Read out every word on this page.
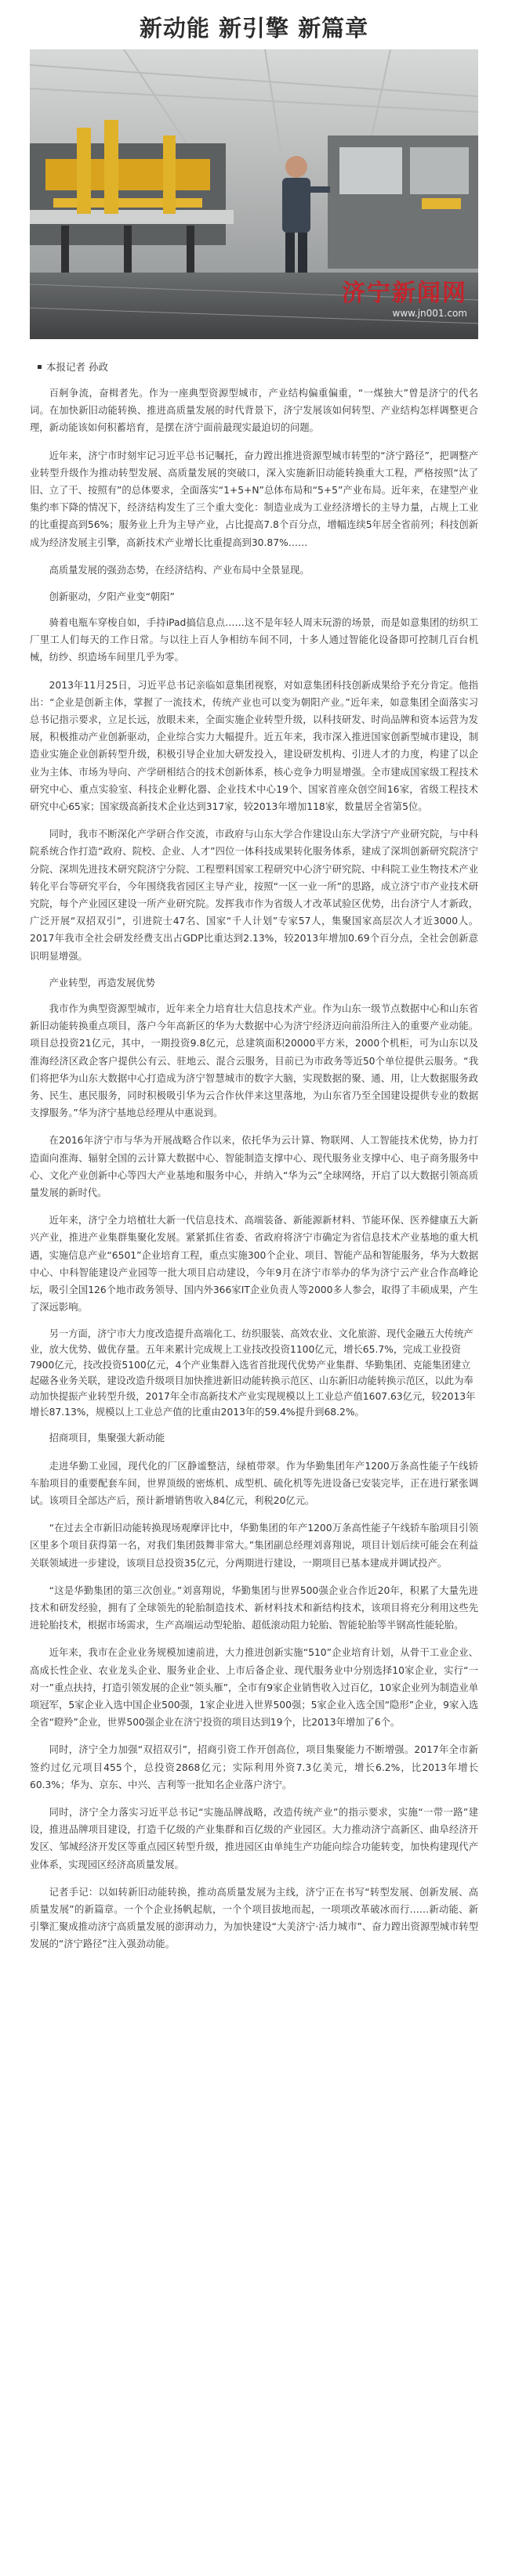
新动能 新引擎 新篇章
济宁新闻网
www.jn001.com
本报记者 孙政

百舸争流，奋楫者先。作为一座典型资源型城市，产业结构偏重偏重，“一煤独大”曾是济宁的代名词。在加快新旧动能转换、推进高质量发展的时代背景下，济宁发展该如何转型、产业结构怎样调整更合理，新动能该如何积蓄培育，是摆在济宁面前最现实最迫切的问题。

近年来，济宁市时刻牢记习近平总书记嘱托，奋力蹚出推进资源型城市转型的“济宁路径”，把调整产业转型升级作为推动转型发展、高质量发展的突破口，深入实施新旧动能转换重大工程，严格按照“汰了旧、立了干、按照有”的总体要求，全面落实“1+5+N”总体布局和“5+5”产业布局。近年来，在建型产业集约率下降的情况下，经济结构发生了三个重大变化：制造业成为工业经济增长的主导力量，占规上工业的比重提高到56%；服务业上升为主导产业，占比提高7.8个百分点，增幅连续5年居全省前列；科技创新成为经济发展主引擎，高新技术产业增长比重提高到30.87%……

高质量发展的强劲态势，在经济结构、产业布局中全景显现。

创新驱动，夕阳产业变“朝阳”

骑着电瓶车穿梭自如，手持iPad搞信息点……这不是年轻人周末玩游的场景，而是如意集团的纺织工厂里工人们每天的工作日常。与以往上百人争相纺车间不同，十多人通过智能化设备即可控制几百台机械，纺纱、织造场车间里几乎为零。

2013年11月25日，习近平总书记亲临如意集团视察，对如意集团科技创新成果给予充分肯定。他指出：“企业是创新主体，掌握了一流技术，传统产业也可以变为朝阳产业。”近年来，如意集团全面落实习总书记指示要求，立足长远，放眼未来，全面实施企业转型升级，以科技研发、时尚品牌和资本运营为发展，积极推动产业创新驱动，企业综合实力大幅提升。近五年来，我市深入推进国家创新型城市建设，制造业实施企业创新转型升级，积极引导企业加大研发投入，建设研发机构、引进人才的力度，构建了以企业为主体、市场为导向、产学研相结合的技术创新体系，核心竞争力明显增强。全市建成国家级工程技术研究中心、重点实验室、科技企业孵化器、企业技术中心19个、国家首座众创空间16家，省级工程技术研究中心65家；国家级高新技术企业达到317家，较2013年增加118家，数量居全省第5位。

同时，我市不断深化产学研合作交流，市政府与山东大学合作建设山东大学济宁产业研究院，与中科院系统合作打造“政府、院校、企业、人才”四位一体科技成果转化服务体系，建成了深圳创新研究院济宁分院、深圳先进技术研究院济宁分院、工程塑料国家工程研究中心济宁研究院、中科院工业生物技术产业转化平台等研究平台，今年围绕我省园区主导产业，按照“一区一业一所”的思路，成立济宁市产业技术研究院，每个产业园区建设一所产业研究院。发挥我市作为省级人才改革试验区优势，出台济宁人才新政，广泛开展“双招双引”，引进院士47名、国家“千人计划”专家57人，集聚国家高层次人才近3000人。2017年我市全社会研发经费支出占GDP比重达到2.13%，较2013年增加0.69个百分点，全社会创新意识明显增强。

产业转型，再造发展优势

我市作为典型资源型城市，近年来全力培育壮大信息技术产业。作为山东一级节点数据中心和山东省新旧动能转换重点项目，落户今年高新区的华为大数据中心为济宁经济迈向前沿所注入的重要产业动能。项目总投资21亿元，其中，一期投资9.8亿元，总建筑面积20000平方米，2000个机柜，可为山东以及淮海经济区政企客户提供公有云、驻地云、混合云服务，目前已为市政务等近50个单位提供云服务。“我们将把华为山东大数据中心打造成为济宁智慧城市的数字大脑，实现数据的聚、通、用，让大数据服务政务、民生、惠民服务，同时积极吸引华为云合作伙伴来这里落地，为山东省乃至全国建设提供专业的数据支撑服务。”华为济宁基地总经理从中惠说到。

在2016年济宁市与华为开展战略合作以来，依托华为云计算、物联网、人工智能技术优势，协力打造面向淮海、辐射全国的云计算大数据中心、智能制造支撑中心、现代服务业支撑中心、电子商务服务中心、文化产业创新中心等四大产业基地和服务中心，并纳入“华为云”全球网络，开启了以大数据引领高质量发展的新时代。

近年来，济宁全力培植壮大新一代信息技术、高端装备、新能源新材料、节能环保、医养健康五大新兴产业，推进产业集群集聚化发展。紧紧抓住省委、省政府将济宁市确定为省信息技术产业基地的重大机遇，实施信息产业“6501”企业培育工程，重点实施300个企业、项目、智能产品和智能服务，华为大数据中心、中科智能建设产业园等一批大项目启动建设，今年9月在济宁市举办的华为济宁云产业合作高峰论坛，吸引全国126个地市政务领导、国内外366家IT企业负责人等2000多人参会，取得了丰硕成果，产生了深远影响。

另一方面，济宁市大力度改造提升高端化工、纺织服装、高效农业、文化旅游、现代金融五大传统产业，放大优势、做优存量。五年来累计完成规上工业技改投资1100亿元，增长65.7%，完成工业投资7900亿元，技改投资5100亿元，4个产业集群入选省首批现代优势产业集群、华勤集团、克能集团建立起磁各业务关联，建设改造升级项目加快推进新旧动能转换示范区、山东新旧动能转换示范区，以此为奉动加快提振产业转型升级，2017年全市高新技术产业实现规模以上工业总产值1607.63亿元，较2013年增长87.13%，规模以上工业总产值的比重由2013年的59.4%提升到68.2%。

招商项目，集聚强大新动能

走进华勤工业园，现代化的厂区静谧整洁，绿植带翠。作为华勤集团年产1200万条高性能子午线轿车胎项目的重要配套车间，世界顶级的密炼机、成型机、硫化机等先进设备已安装完毕，正在进行紧张调试。该项目全部达产后，预计新增销售收入84亿元，利税20亿元。

“在过去全市新旧动能转换现场观摩评比中，华勤集团的年产1200万条高性能子午线轿车胎项目引领区里多个项目获得第一名，对我们集团鼓舞非常大。”集团副总经理刘喜翔说，项目计划后续可能会在利益关联领域进一步建设，该项目总投资35亿元，分两期进行建设，一期项目已基本建成并调试投产。

“这是华勤集团的第三次创业。”刘喜翔说，华勤集团与世界500强企业合作近20年，积累了大量先进技术和研发经验，拥有了全球领先的轮胎制造技术、新材料技术和新结构技术，该项目将充分利用这些先进轮胎技术，根据市场需求，生产高端运动型轮胎、超低滚动阻力轮胎、智能轮胎等半钢高性能轮胎。

近年来，我市在企业业务规模加速前进，大力推进创新实施“510”企业培育计划，从骨干工业企业、高成长性企业、农业龙头企业、服务业企业、上市后备企业、现代服务业中分别选择10家企业，实行“一对一”重点扶持，打造引领发展的企业“领头雁”，全市有9家企业销售收入过百亿，10家企业列为制造业单项冠军，5家企业入选中国企业500强，1家企业进入世界500强；5家企业入选全国“隐形”企业，9家入选全省“瞪羚”企业，世界500强企业在济宁投资的项目达到19个，比2013年增加了6个。

同时，济宁全力加强“双招双引”，招商引资工作开创高位，项目集聚能力不断增强。2017年全市新签约过亿元项目455个，总投资2868亿元；实际利用外资7.3亿美元，增长6.2%，比2013年增长60.3%；华为、京东、中兴、吉利等一批知名企业落户济宁。

同时，济宁全力落实习近平总书记“实施品牌战略，改造传统产业”的指示要求，实施“一带一路”建设，推进品牌项目建设，打造千亿级的产业集群和百亿级的产业园区。大力推动济宁高新区、曲阜经济开发区、邹城经济开发区等重点园区转型升级，推进园区由单纯生产功能向综合功能转变，加快构建现代产业体系，实现园区经济高质量发展。

记者手记：以如转新旧动能转换，推动高质量发展为主线，济宁正在书写“转型发展、创新发展、高质量发展”的新篇章。一个个企业扬帆起航，一个个项目拔地而起，一项项改革破冰而行……新动能、新引擎汇聚成推动济宁高质量发展的澎湃动力，为加快建设“大美济宁·活力城市”、奋力蹚出资源型城市转型发展的“济宁路径”注入强劲动能。
